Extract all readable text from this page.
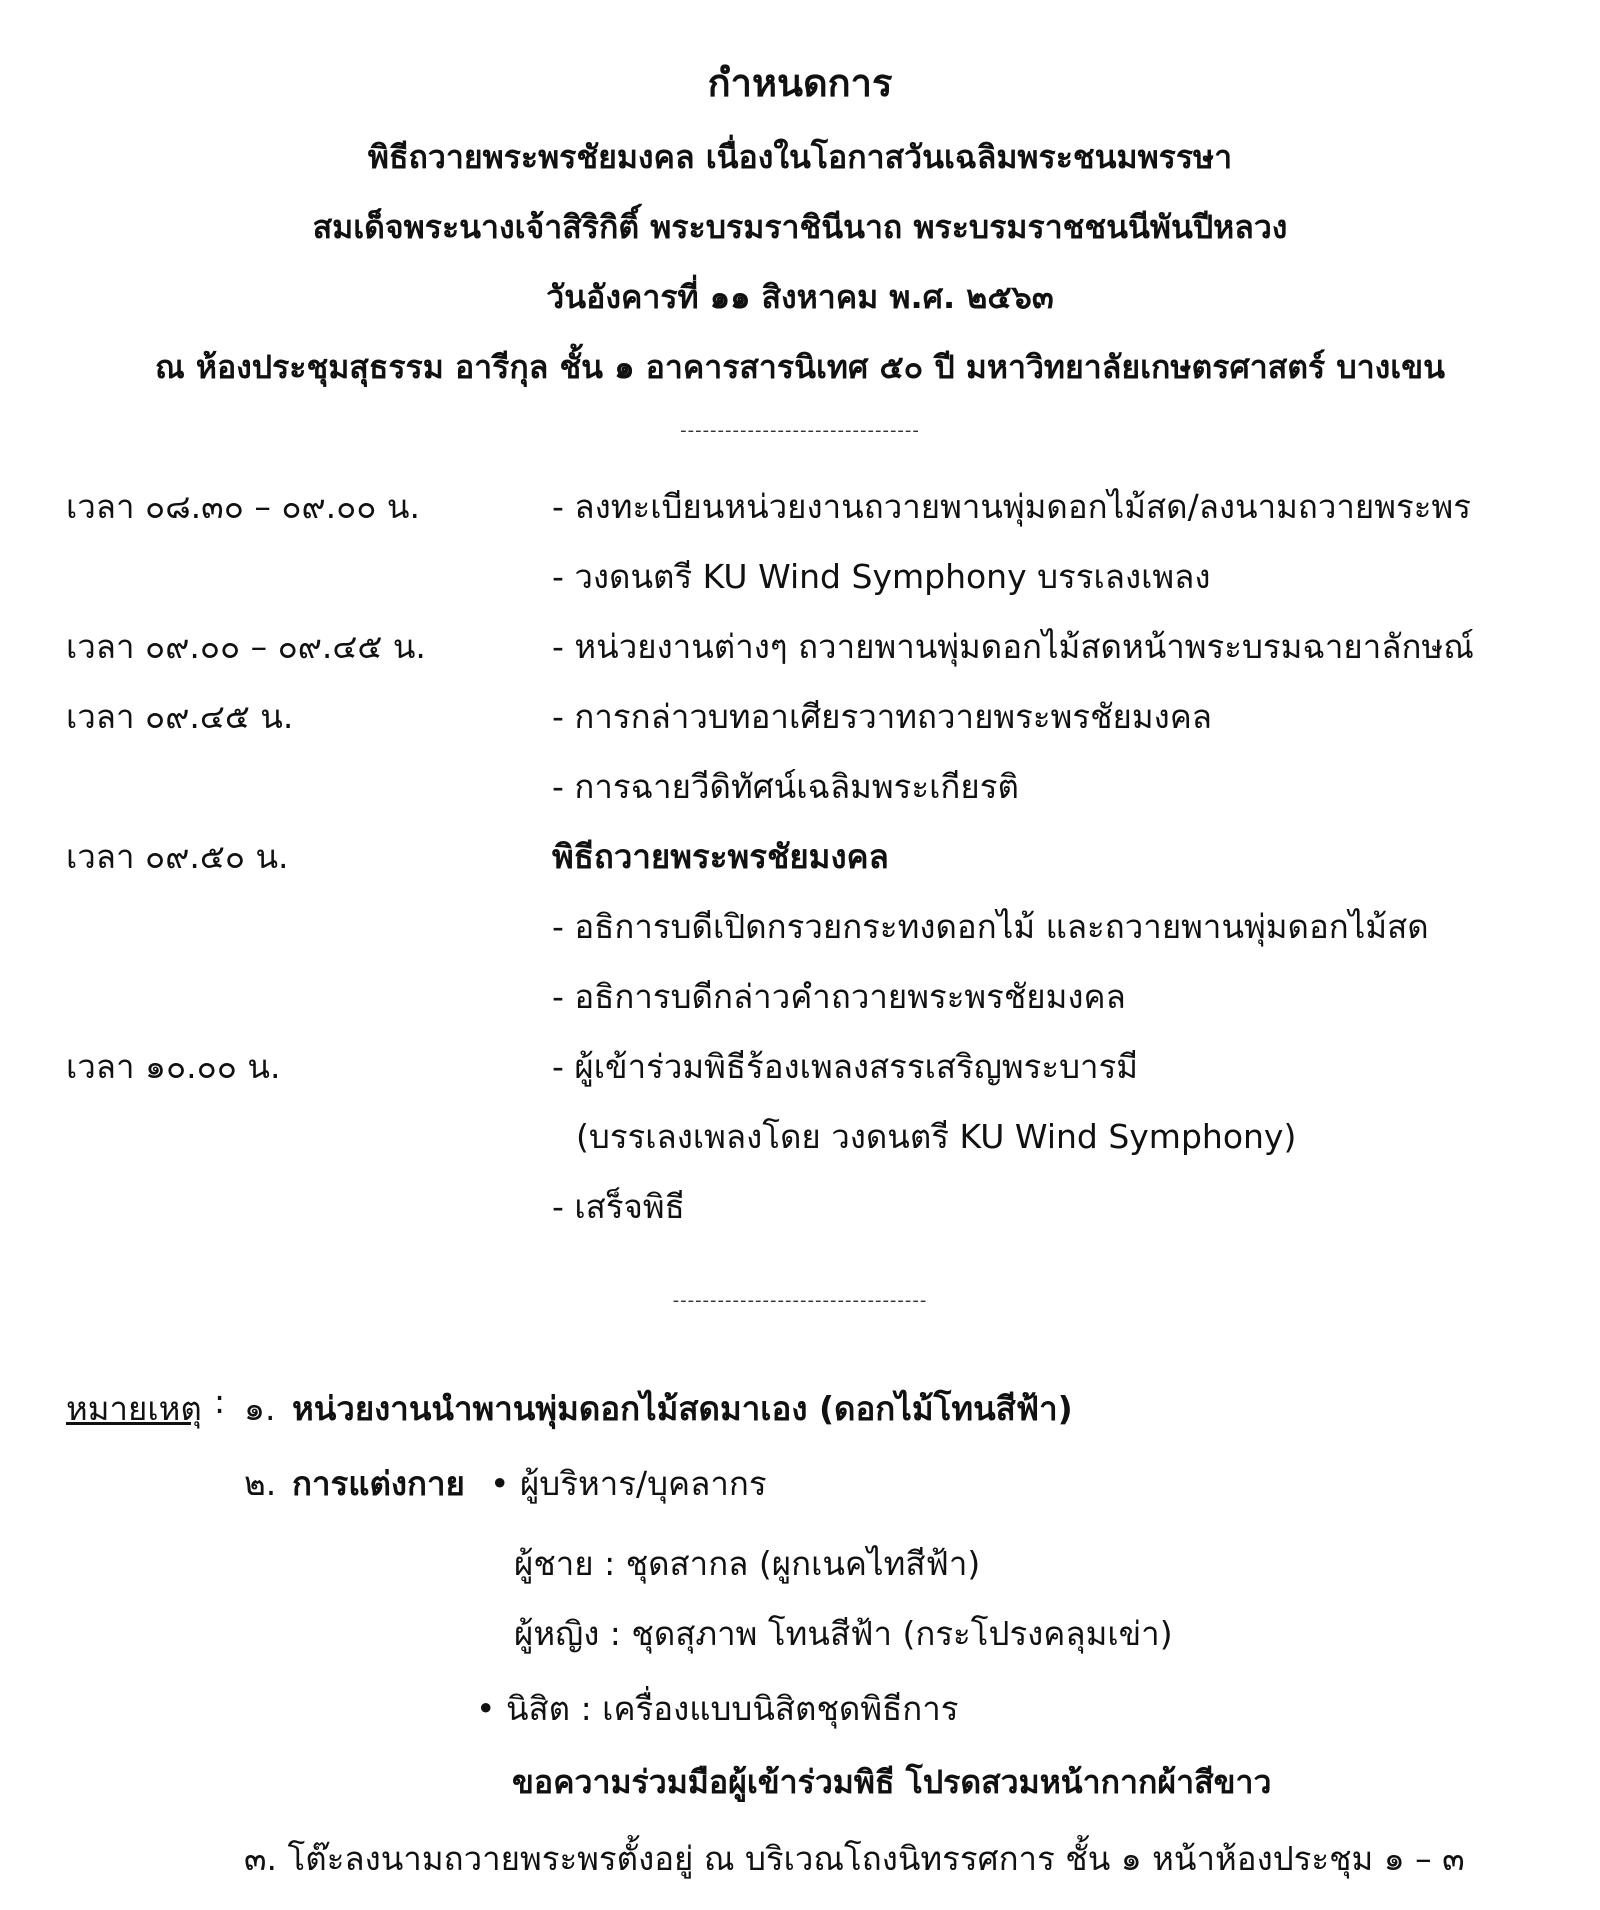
กำหนดการ
พิธีถวายพระพรชัยมงคล เนื่องในโอกาสวันเฉลิมพระชนมพรรษา
สมเด็จพระนางเจ้าสิริกิติ์ พระบรมราชินีนาถ พระบรมราชชนนีพันปีหลวง
วันอังคารที่ ๑๑ สิงหาคม พ.ศ. ๒๕๖๓
ณ ห้องประชุมสุธรรม อารีกุล ชั้น ๑ อาคารสารนิเทศ ๕๐ ปี มหาวิทยาลัยเกษตรศาสตร์ บางเขน
--------------------------------
เวลา ๐๘.๓๐ – ๐๙.๐๐ น.	- ลงทะเบียนหน่วยงานถวายพานพุ่มดอกไม้สด/ลงนามถวายพระพร
- วงดนตรี KU Wind Symphony บรรเลงเพลง
เวลา ๐๙.๐๐ – ๐๙.๔๕ น.	- หน่วยงานต่างๆ ถวายพานพุ่มดอกไม้สดหน้าพระบรมฉายาลักษณ์
เวลา ๐๙.๔๕ น.	- การกล่าวบทอาเศียรวาทถวายพระพรชัยมงคล
- การฉายวีดิทัศน์เฉลิมพระเกียรติ
เวลา ๐๙.๕๐ น.	พิธีถวายพระพรชัยมงคล
- อธิการบดีเปิดกรวยกระทงดอกไม้ และถวายพานพุ่มดอกไม้สด
- อธิการบดีกล่าวคำถวายพระพรชัยมงคล
เวลา ๑๐.๐๐ น.	- ผู้เข้าร่วมพิธีร้องเพลงสรรเสริญพระบารมี
(บรรเลงเพลงโดย วงดนตรี KU Wind Symphony)
- เสร็จพิธี
----------------------------------
หมายเหตุ : ๑. หน่วยงานนำพานพุ่มดอกไม้สดมาเอง (ดอกไม้โทนสีฟ้า)
๒. การแต่งกาย • ผู้บริหาร/บุคลากร
ผู้ชาย : ชุดสากล (ผูกเนคไทสีฟ้า)
ผู้หญิง : ชุดสุภาพ โทนสีฟ้า (กระโปรงคลุมเข่า)
• นิสิต : เครื่องแบบนิสิตชุดพิธีการ
ขอความร่วมมือผู้เข้าร่วมพิธี โปรดสวมหน้ากากผ้าสีขาว
๓. โต๊ะลงนามถวายพระพรตั้งอยู่ ณ บริเวณโถงนิทรรศการ ชั้น ๑ หน้าห้องประชุม ๑ – ๓
